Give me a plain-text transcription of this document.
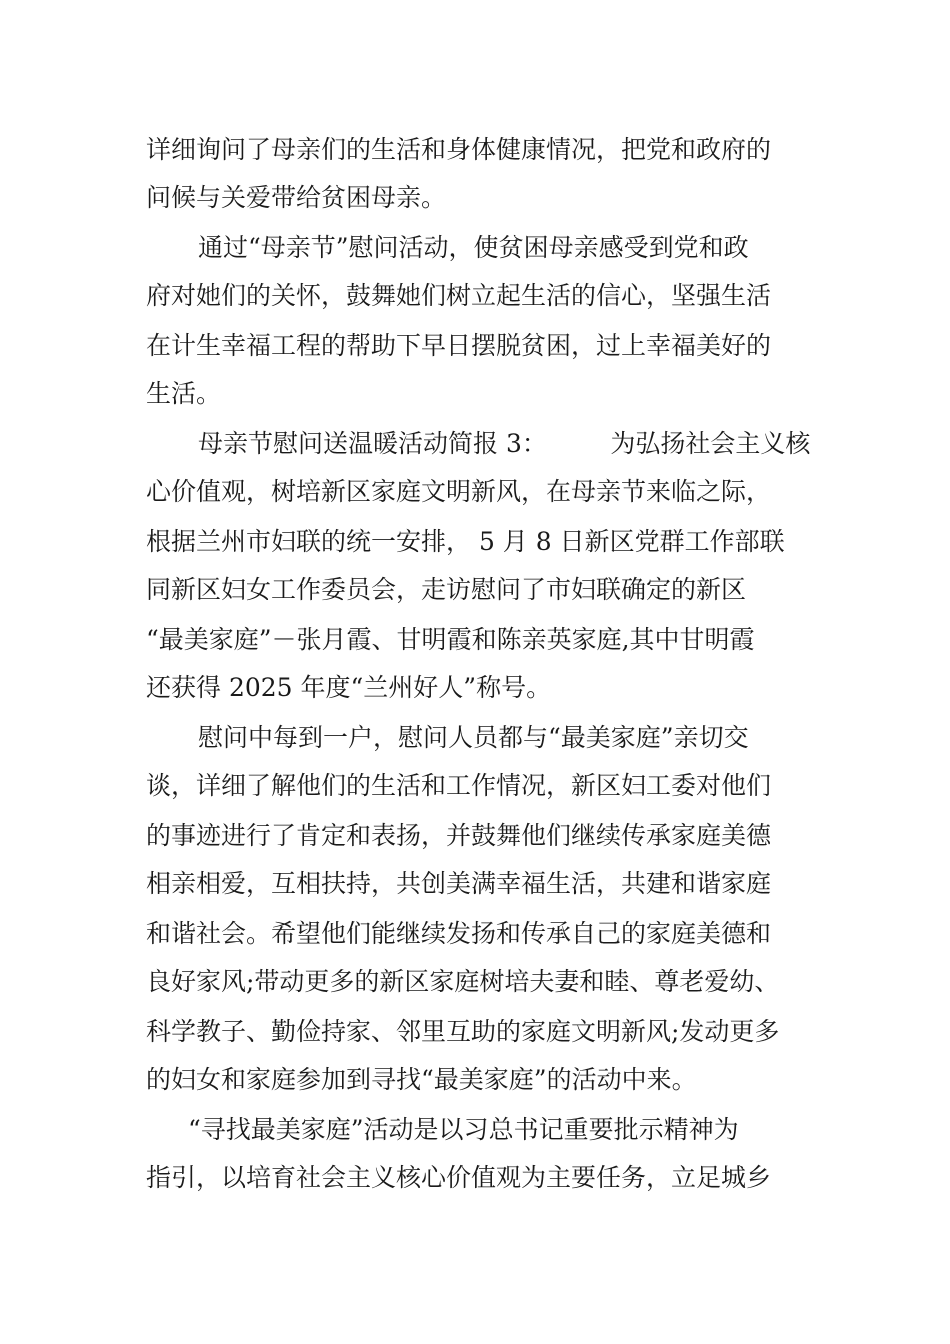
详细询问了母亲们的生活和身体健康情况，把党和政府的
问候与关爱带给贫困母亲。
通过“母亲节”慰问活动，使贫困母亲感受到党和政
府对她们的关怀，鼓舞她们树立起生活的信心，坚强生活
在计生幸福工程的帮助下早日摆脱贫困，过上幸福美好的
生活。
母亲节慰问送温暖活动简报 3：        为弘扬社会主义核
心价值观，树培新区家庭文明新风，在母亲节来临之际，
根据兰州市妇联的统一安排， 5 月 8 日新区党群工作部联
同新区妇女工作委员会，走访慰问了市妇联确定的新区
“最美家庭”－张月霞、甘明霞和陈亲英家庭,其中甘明霞
还获得 2025 年度“兰州好人”称号。
慰问中每到一户，慰问人员都与“最美家庭”亲切交
谈，详细了解他们的生活和工作情况，新区妇工委对他们
的事迹进行了肯定和表扬，并鼓舞他们继续传承家庭美德
相亲相爱，互相扶持，共创美满幸福生活，共建和谐家庭
和谐社会。希望他们能继续发扬和传承自己的家庭美德和
良好家风;带动更多的新区家庭树培夫妻和睦、尊老爱幼、
科学教子、勤俭持家、邻里互助的家庭文明新风;发动更多
的妇女和家庭参加到寻找“最美家庭”的活动中来。
“寻找最美家庭”活动是以习总书记重要批示精神为
指引，以培育社会主义核心价值观为主要任务，立足城乡
